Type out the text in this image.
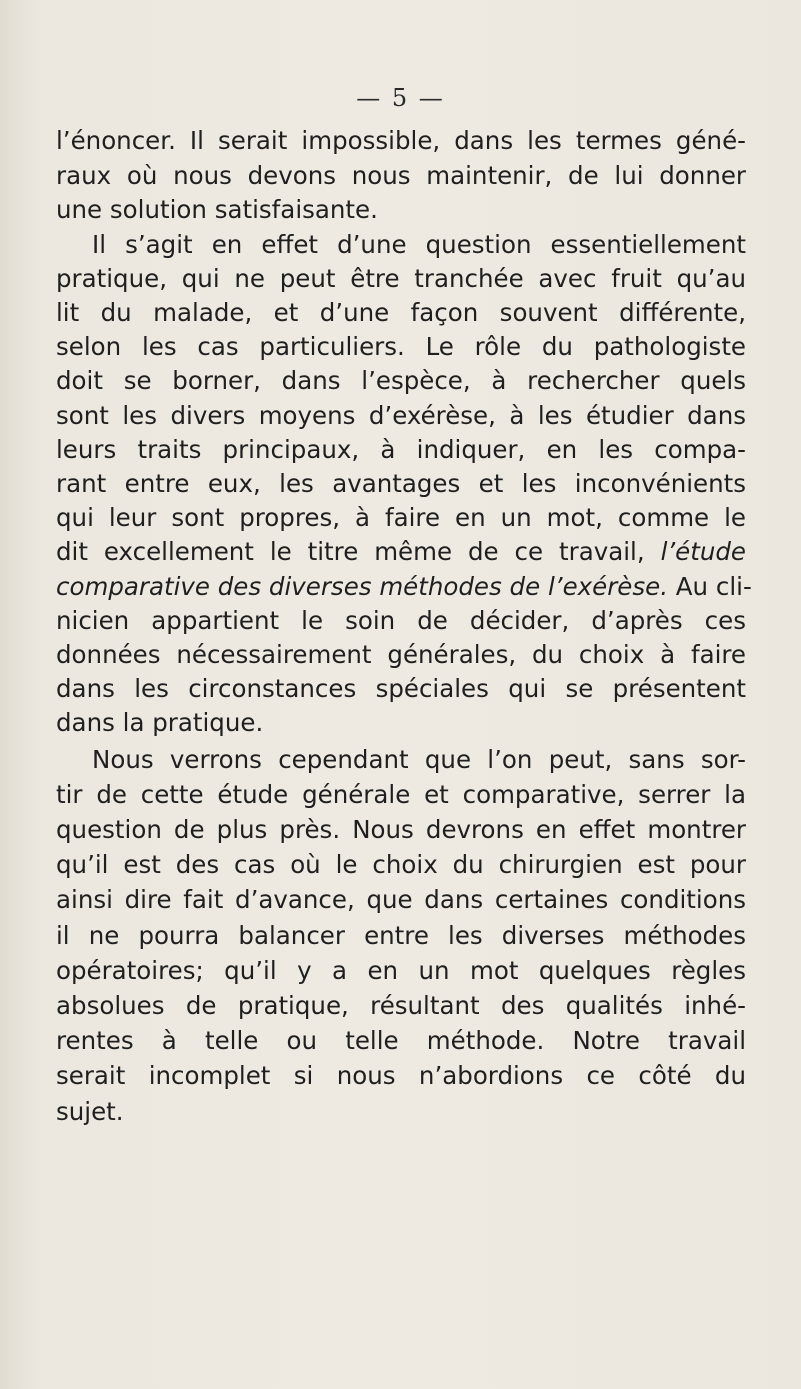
— 5 —
l’énoncer. Il serait impossible, dans les termes géné-
raux où nous devons nous maintenir, de lui donner
une solution satisfaisante.
Il s’agit en effet d’une question essentiellement
pratique, qui ne peut être tranchée avec fruit qu’au
lit du malade, et d’une façon souvent différente,
selon les cas particuliers. Le rôle du pathologiste
doit se borner, dans l’espèce, à rechercher quels
sont les divers moyens d’exérèse, à les étudier dans
leurs traits principaux, à indiquer, en les compa-
rant entre eux, les avantages et les inconvénients
qui leur sont propres, à faire en un mot, comme le
dit excellement le titre même de ce travail, l’étude
comparative des diverses méthodes de l’exérèse. Au cli-
nicien appartient le soin de décider, d’après ces
données nécessairement générales, du choix à faire
dans les circonstances spéciales qui se présentent
dans la pratique.
Nous verrons cependant que l’on peut, sans sor-
tir de cette étude générale et comparative, serrer la
question de plus près. Nous devrons en effet montrer
qu’il est des cas où le choix du chirurgien est pour
ainsi dire fait d’avance, que dans certaines conditions
il ne pourra balancer entre les diverses méthodes
opératoires; qu’il y a en un mot quelques règles
absolues de pratique, résultant des qualités inhé-
rentes à telle ou telle méthode. Notre travail
serait incomplet si nous n’abordions ce côté du
sujet.
